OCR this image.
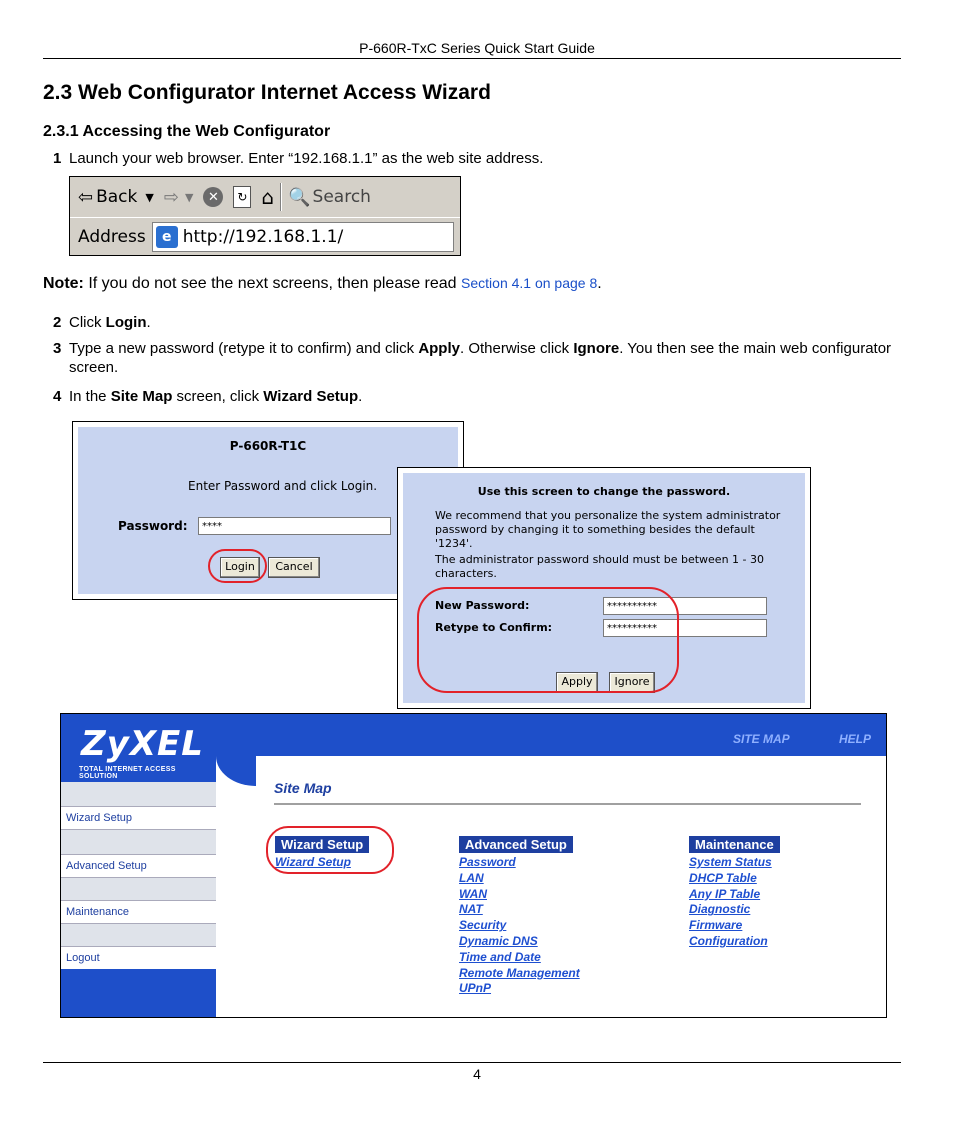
P-660R-TxC Series Quick Start Guide
2.3 Web Configurator Internet Access Wizard
2.3.1 Accessing the Web Configurator
1 Launch your web browser. Enter “192.168.1.1” as the web site address.
⇦ Back ▼ ⇨ ▼	✕	↻ ⌂ 🔍 Search
Address	e http://192.168.1.1/
Note: If you do not see the next screens, then please read Section 4.1 on page 8.
2 Click Login.
3 Type a new password (retype it to confirm) and click Apply. Otherwise click Ignore. You then see the main web configurator screen.
4 In the Site Map screen, click Wizard Setup.
P-660R-T1C
Enter Password and click Login.
Password:	****
Login	Cancel
Use this screen to change the password.
We recommend that you personalize the system administrator password by changing it to something besides the default '1234'.
The administrator password should must be between 1 - 30 characters.
New Password:	**********
Retype to Confirm:	**********
Apply	Ignore
ZyXEL
TOTAL INTERNET ACCESS SOLUTION
Wizard Setup
Advanced Setup
Maintenance
Logout
SITE MAP	HELP
Site Map
Wizard Setup
Wizard Setup
Advanced Setup
Password
LAN
WAN
NAT
Security
Dynamic DNS
Time and Date
Remote Management
UPnP
Maintenance
System Status
DHCP Table
Any IP Table
Diagnostic
Firmware
Configuration
4
